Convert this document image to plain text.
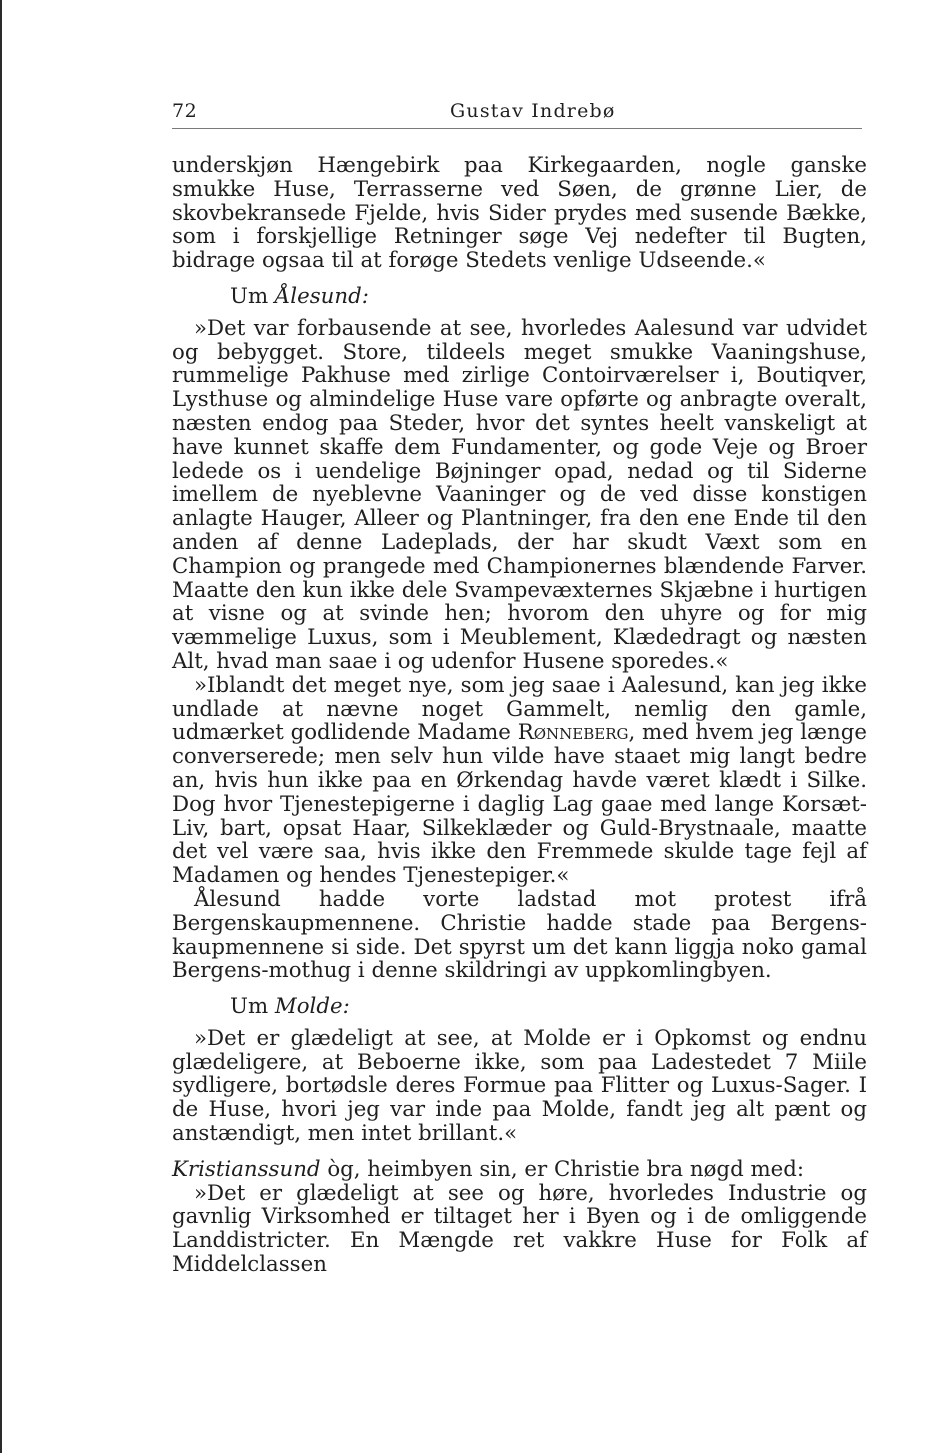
72	Gustav Indrebø

underskjøn Hængebirk paa Kirkegaarden, nogle ganske smukke Huse, Terrasserne ved Søen, de grønne Lier, de skovbekransede Fjelde, hvis Sider prydes med susende Bække, som i forskjellige Retninger søge Vej nedefter til Bugten, bidrage ogsaa til at forøge Stedets venlige Udseende.«

Um Ålesund:

»Det var forbausende at see, hvorledes Aalesund var udvidet og bebygget. Store, tildeels meget smukke Vaaningshuse, rummelige Pakhuse med zirlige Contoirværelser i, Boutiqver, Lysthuse og almindelige Huse vare opførte og anbragte overalt, næsten endog paa Steder, hvor det syntes heelt vanskeligt at have kunnet skaffe dem Fundamenter, og gode Veje og Broer ledede os i uendelige Bøjninger opad, nedad og til Siderne imellem de nyeblevne Vaaninger og de ved disse konstigen anlagte Hauger, Alleer og Plantninger, fra den ene Ende til den anden af denne Ladeplads, der har skudt Væxt som en Champion og prangede med Championernes blændende Farver. Maatte den kun ikke dele Svampevæxternes Skjæbne i hurtigen at visne og at svinde hen; hvorom den uhyre og for mig væmmelige Luxus, som i Meublement, Klædedragt og næsten Alt, hvad man saae i og udenfor Husene sporedes.«

»Iblandt det meget nye, som jeg saae i Aalesund, kan jeg ikke undlade at nævne noget Gammelt, nemlig den gamle, udmærket godlidende Madame Rønneberg, med hvem jeg længe converserede; men selv hun vilde have staaet mig langt bedre an, hvis hun ikke paa en Ørkendag havde været klædt i Silke. Dog hvor Tjenestepigerne i daglig Lag gaae med lange Korsæt-Liv, bart, opsat Haar, Silkeklæder og Guld-Brystnaale, maatte det vel være saa, hvis ikke den Fremmede skulde tage fejl af Madamen og hendes Tjenestepiger.«

Ålesund hadde vorte ladstad mot protest ifrå Bergenskaupmennene. Christie hadde stade paa Bergens-kaupmennene si side. Det spyrst um det kann liggja noko gamal Bergens-mothug i denne skildringi av uppkomlingbyen.

Um Molde:

»Det er glædeligt at see, at Molde er i Opkomst og endnu glædeligere, at Beboerne ikke, som paa Ladestedet 7 Miile sydligere, bortødsle deres Formue paa Flitter og Luxus-Sager. I de Huse, hvori jeg var inde paa Molde, fandt jeg alt pænt og anstændigt, men intet brillant.«

Kristianssund òg, heimbyen sin, er Christie bra nøgd med:

»Det er glædeligt at see og høre, hvorledes Industrie og gavnlig Virksomhed er tiltaget her i Byen og i de omliggende Landdistricter. En Mængde ret vakkre Huse for Folk af Middelclassen
